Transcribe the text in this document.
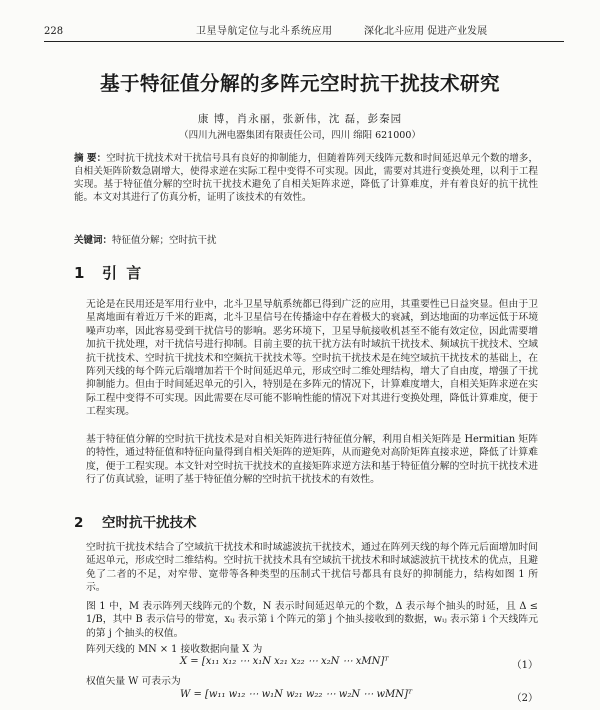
228	卫星导航定位与北斗系统应用	深化北斗应用 促进产业发展
基于特征值分解的多阵元空时抗干扰技术研究
康 博，肖永丽，张新伟，沈 磊，彭秦园
（四川九洲电器集团有限责任公司，四川 绵阳 621000）
摘 要：空时抗干扰技术对干扰信号具有良好的抑制能力，但随着阵列天线阵元数和时间延迟单元个数的增多，自相关矩阵阶数急剧增大，使得求逆在实际工程中变得不可实现。因此，需要对其进行变换处理，以利于工程实现。基于特征值分解的空时抗干扰技术避免了自相关矩阵求逆，降低了计算难度，并有着良好的抗干扰性能。本文对其进行了仿真分析，证明了该技术的有效性。
关键词：特征值分解；空时抗干扰
1 引 言
无论是在民用还是军用行业中，北斗卫星导航系统都已得到广泛的应用，其重要性已日益突显。但由于卫星离地面有着近万千米的距离，北斗卫星信号在传播途中存在着极大的衰减，到达地面的功率远低于环境噪声功率，因此容易受到干扰信号的影响。恶劣环境下，卫星导航接收机甚至不能有效定位，因此需要增加抗干扰处理，对干扰信号进行抑制。目前主要的抗干扰方法有时域抗干扰技术、频域抗干扰技术、空域抗干扰技术、空时抗干扰技术和空频抗干扰技术等。空时抗干扰技术是在纯空域抗干扰技术的基础上，在阵列天线的每个阵元后端增加若干个时间延迟单元，形成空时二维处理结构，增大了自由度，增强了干扰抑制能力。但由于时间延迟单元的引入，特别是在多阵元的情况下，计算难度增大，自相关矩阵求逆在实际工程中变得不可实现。因此需要在尽可能不影响性能的情况下对其进行变换处理，降低计算难度，便于工程实现。
基于特征值分解的空时抗干扰技术是对自相关矩阵进行特征值分解，利用自相关矩阵是 Hermitian 矩阵的特性，通过特征值和特征向量得到自相关矩阵的逆矩阵，从而避免对高阶矩阵直接求逆，降低了计算难度，便于工程实现。本文针对空时抗干扰技术的直接矩阵求逆方法和基于特征值分解的空时抗干扰技术进行了仿真试验，证明了基于特征值分解的空时抗干扰技术的有效性。
2 空时抗干扰技术
空时抗干扰技术结合了空域抗干扰技术和时域滤波抗干扰技术，通过在阵列天线的每个阵元后面增加时间延迟单元，形成空时二维结构。空时抗干扰技术具有空域抗干扰技术和时域滤波抗干扰技术的优点，且避免了二者的不足，对窄带、宽带等各种类型的压制式干扰信号都具有良好的抑制能力，结构如图 1 所示。
图 1 中，M 表示阵列天线阵元的个数，N 表示时间延迟单元的个数，Δ 表示每个抽头的时延，且 Δ ≤ 1/B，其中 B 表示信号的带宽，xᵢⱼ 表示第 i 个阵元的第 j 个抽头接收到的数据，wᵢⱼ 表示第 i 个天线阵元的第 j 个抽头的权值。
阵列天线的 MN × 1 接收数据向量 X 为
X = [x₁₁ x₁₂ ⋯ x₁N x₂₁ x₂₂ ⋯ x₂N ⋯ xMN]ᵀ	（1）
权值矢量 W 可表示为
W = [w₁₁ w₁₂ ⋯ w₁N w₂₁ w₂₂ ⋯ w₂N ⋯ wMN]ᵀ	（2）
